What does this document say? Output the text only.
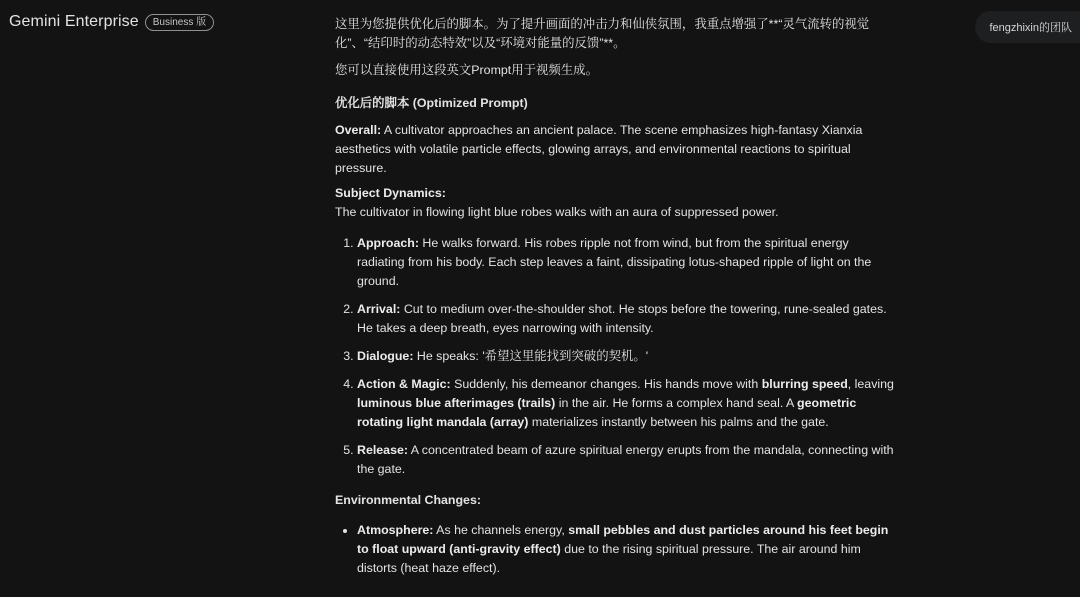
Gemini Enterprise	Business 版	fengzhixin的团队

这里为您提供优化后的脚本。为了提升画面的冲击力和仙侠氛围，我重点增强了**“灵气流转的视觉化”、“结印时的动态特效”以及“环境对能量的反馈”**。

您可以直接使用这段英文Prompt用于视频生成。

优化后的脚本 (Optimized Prompt)

Overall: A cultivator approaches an ancient palace. The scene emphasizes high-fantasy Xianxia aesthetics with volatile particle effects, glowing arrays, and environmental reactions to spiritual pressure.

Subject Dynamics:
The cultivator in flowing light blue robes walks with an aura of suppressed power.

1. Approach: He walks forward. His robes ripple not from wind, but from the spiritual energy radiating from his body. Each step leaves a faint, dissipating lotus-shaped ripple of light on the ground.
2. Arrival: Cut to medium over-the-shoulder shot. He stops before the towering, rune-sealed gates. He takes a deep breath, eyes narrowing with intensity.
3. Dialogue: He speaks: '希望这里能找到突破的契机。'
4. Action & Magic: Suddenly, his demeanor changes. His hands move with blurring speed, leaving luminous blue afterimages (trails) in the air. He forms a complex hand seal. A geometric rotating light mandala (array) materializes instantly between his palms and the gate.
5. Release: A concentrated beam of azure spiritual energy erupts from the mandala, connecting with the gate.

Environmental Changes:

• Atmosphere: As he channels energy, small pebbles and dust particles around his feet begin to float upward (anti-gravity effect) due to the rising spiritual pressure. The air around him distorts (heat haze effect).
